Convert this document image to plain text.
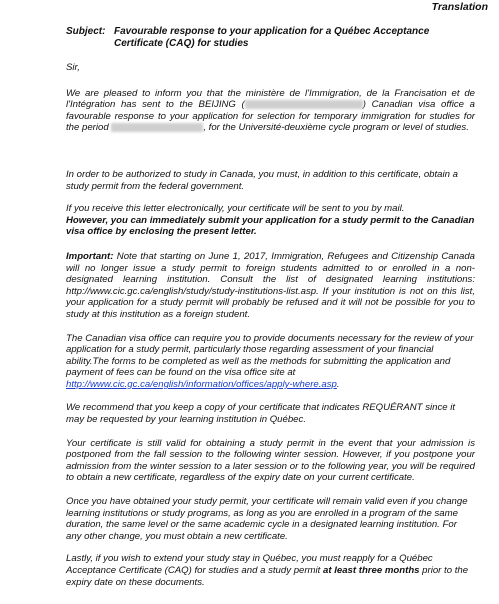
Translation
Subject: Favourable response to your application for a Québec Acceptance Certificate (CAQ) for studies

Sir,

We are pleased to inform you that the ministère de l'Immigration, de la Francisation et de l'Intégration has sent to the BEIJING (	) Canadian visa office a favourable response to your application for selection for temporary immigration for studies for the period	, for the Université-deuxième cycle program or level of studies.

In order to be authorized to study in Canada, you must, in addition to this certificate, obtain a study permit from the federal government.

If you receive this letter electronically, your certificate will be sent to you by mail.
However, you can immediately submit your application for a study permit to the Canadian visa office by enclosing the present letter.

Important: Note that starting on June 1, 2017, Immigration, Refugees and Citizenship Canada will no longer issue a study permit to foreign students admitted to or enrolled in a non-designated learning institution. Consult the list of designated learning institutions: http://www.cic.gc.ca/english/study/study-institutions-list.asp. If your institution is not on this list, your application for a study permit will probably be refused and it will not be possible for you to study at this institution as a foreign student.

The Canadian visa office can require you to provide documents necessary for the review of your application for a study permit, particularly those regarding assessment of your financial ability.The forms to be completed as well as the methods for submitting the application and payment of fees can be found on the visa office site at http://www.cic.gc.ca/english/information/offices/apply-where.asp.

We recommend that you keep a copy of your certificate that indicates REQUÉRANT since it may be requested by your learning institution in Québec.

Your certificate is still valid for obtaining a study permit in the event that your admission is postponed from the fall session to the following winter session. However, if you postpone your admission from the winter session to a later session or to the following year, you will be required to obtain a new certificate, regardless of the expiry date on your current certificate.

Once you have obtained your study permit, your certificate will remain valid even if you change learning institutions or study programs, as long as you are enrolled in a program of the same duration, the same level or the same academic cycle in a designated learning institution. For any other change, you must obtain a new certificate.

Lastly, if you wish to extend your study stay in Québec, you must reapply for a Québec Acceptance Certificate (CAQ) for studies and a study permit at least three months prior to the expiry date on these documents.
